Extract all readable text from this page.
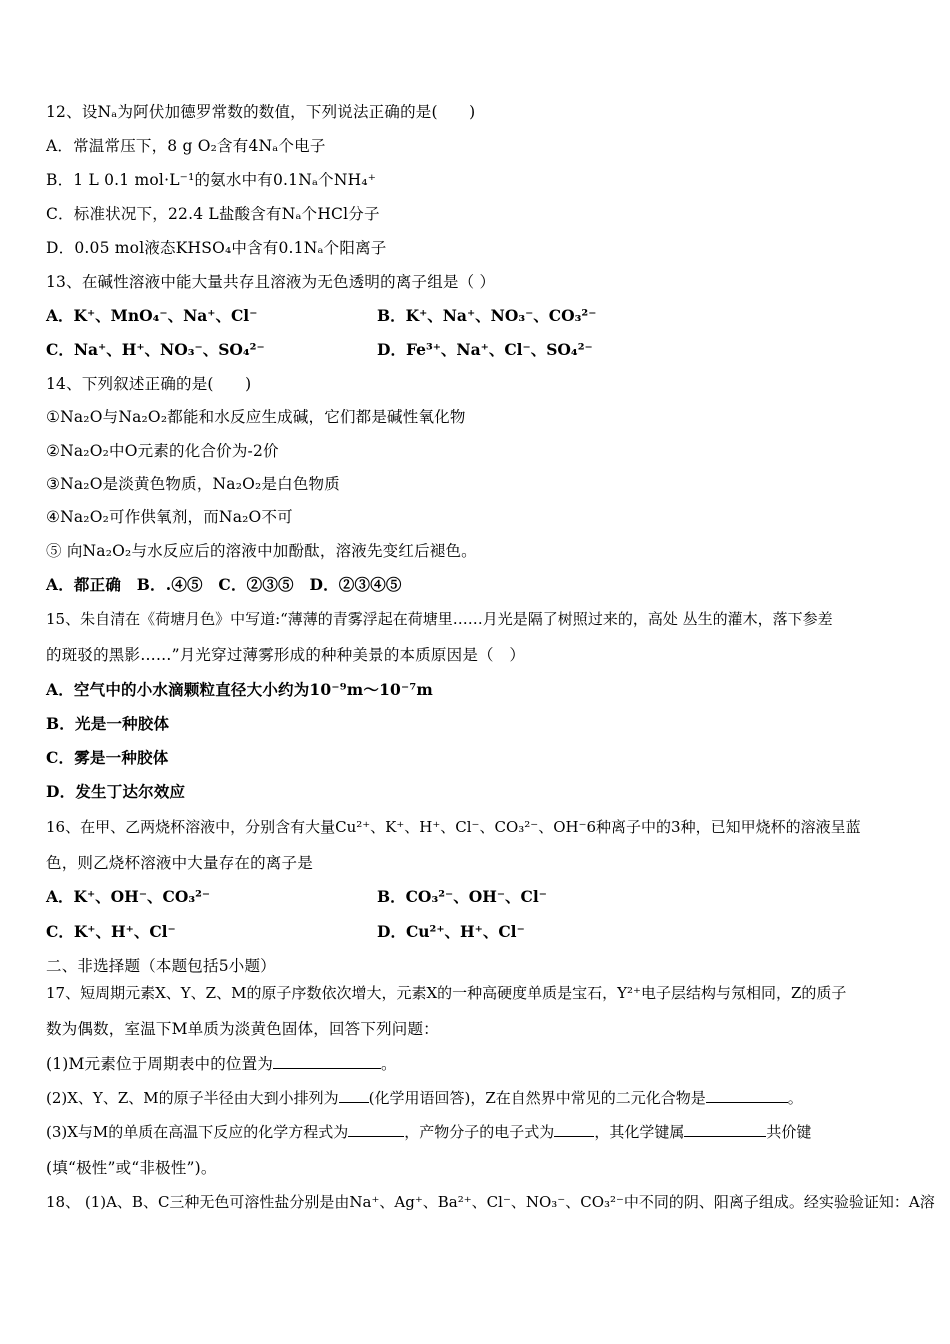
12、设Nₐ为阿伏加德罗常数的数值，下列说法正确的是(　　)
A．常温常压下，8 g O₂含有4Nₐ个电子
B．1 L 0.1 mol·L⁻¹的氨水中有0.1Nₐ个NH₄⁺
C．标准状况下，22.4 L盐酸含有Nₐ个HCl分子
D．0.05 mol液态KHSO₄中含有0.1Nₐ个阳离子
13、在碱性溶液中能大量共存且溶液为无色透明的离子组是（ ）
A．K⁺、MnO₄⁻、Na⁺、Cl⁻	B．K⁺、Na⁺、NO₃⁻、CO₃²⁻
C．Na⁺、H⁺、NO₃⁻、SO₄²⁻	D．Fe³⁺、Na⁺、Cl⁻、SO₄²⁻
14、下列叙述正确的是(　　)
①Na₂O与Na₂O₂都能和水反应生成碱，它们都是碱性氧化物
②Na₂O₂中O元素的化合价为-2价
③Na₂O是淡黄色物质，Na₂O₂是白色物质
④Na₂O₂可作供氧剂，而Na₂O不可
⑤ 向Na₂O₂与水反应后的溶液中加酚酞，溶液先变红后褪色。
A．都正确　B．.④⑤　C．②③⑤　D．②③④⑤
15、朱自清在《荷塘月色》中写道:“薄薄的青雾浮起在荷塘里……月光是隔了树照过来的，高处 丛生的灌木，落下参差
的斑驳的黑影……”月光穿过薄雾形成的种种美景的本质原因是（　）
A．空气中的小水滴颗粒直径大小约为10⁻⁹m～10⁻⁷m
B．光是一种胶体
C．雾是一种胶体
D．发生丁达尔效应
16、在甲、乙两烧杯溶液中，分别含有大量Cu²⁺、K⁺、H⁺、Cl⁻、CO₃²⁻、OH⁻6种离子中的3种，已知甲烧杯的溶液呈蓝
色，则乙烧杯溶液中大量存在的离子是
A．K⁺、OH⁻、CO₃²⁻	B．CO₃²⁻、OH⁻、Cl⁻
C．K⁺、H⁺、Cl⁻	D．Cu²⁺、H⁺、Cl⁻
二、非选择题（本题包括5小题）
17、短周期元素X、Y、Z、M的原子序数依次增大，元素X的一种高硬度单质是宝石，Y²⁺电子层结构与氖相同，Z的质子
数为偶数，室温下M单质为淡黄色固体，回答下列问题：
(1)M元素位于周期表中的位置为	。
(2)X、Y、Z、M的原子半径由大到小排列为 (化学用语回答)，Z在自然界中常见的二元化合物是	。
(3)X与M的单质在高温下反应的化学方程式为	，产物分子的电子式为	，其化学键属	共价键
(填“极性”或“非极性”)。
18、 (1)A、B、C三种无色可溶性盐分别是由Na⁺、Ag⁺、Ba²⁺、Cl⁻、NO₃⁻、CO₃²⁻中不同的阴、阳离子组成。经实验验证知：A溶
